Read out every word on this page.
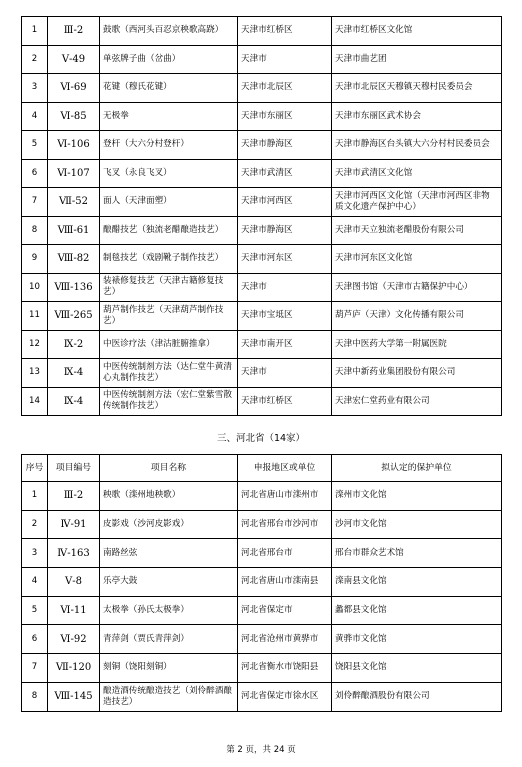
1	Ⅲ-2	鼓歌（西河头百忍京秧歌高跷）	天津市红桥区	天津市红桥区文化馆
2	Ⅴ-49	单弦牌子曲（岔曲）	天津市	天津市曲艺团
3	Ⅵ-69	花键（穆氏花键）	天津市北辰区	天津市北辰区天穆镇天穆村民委员会
4	Ⅵ-85	无极拳	天津市东丽区	天津市东丽区武术协会
5	Ⅵ-106	登杆（大六分村登杆）	天津市静海区	天津市静海区台头镇大六分村村民委员会
6	Ⅵ-107	飞叉（永良飞叉）	天津市武清区	天津市武清区文化馆
7	Ⅶ-52	面人（天津面塑）	天津市河西区	天津市河西区文化馆（天津市河西区非物质文化遗产保护中心）
8	Ⅷ-61	酿醋技艺（独流老醋酿造技艺）	天津市静海区	天津市天立独流老醋股份有限公司
9	Ⅷ-82	制毯技艺（戏剧靴子制作技艺）	天津市河东区	天津市河东区文化馆
10	Ⅷ-136	装裱修复技艺（天津古籍修复技艺）	天津市	天津图书馆（天津市古籍保护中心）
11	Ⅷ-265	葫芦制作技艺（天津葫芦制作技艺）	天津市宝坻区	葫芦庐（天津）文化传播有限公司
12	Ⅸ-2	中医诊疗法（津沽脏腑推拿）	天津市南开区	天津中医药大学第一附属医院
13	Ⅸ-4	中医传统制剂方法（达仁堂牛黄清心丸制作技艺）	天津市	天津中新药业集团股份有限公司
14	Ⅸ-4	中医传统制剂方法（宏仁堂紫雪散传统制作技艺）	天津市红桥区	天津宏仁堂药业有限公司
三、河北省（14家）
序号	项目编号	项目名称	申报地区或单位	拟认定的保护单位
1	Ⅲ-2	秧歌（滦州地秧歌）	河北省唐山市滦州市	滦州市文化馆
2	Ⅳ-91	皮影戏（沙河皮影戏）	河北省邢台市沙河市	沙河市文化馆
3	Ⅳ-163	南路丝弦	河北省邢台市	邢台市群众艺术馆
4	Ⅴ-8	乐亭大鼓	河北省唐山市滦南县	滦南县文化馆
5	Ⅵ-11	太极拳（孙氏太极拳）	河北省保定市	蠡都县文化馆
6	Ⅵ-92	青萍剑（贾氏青萍剑）	河北省沧州市黄骅市	黄骅市文化馆
7	Ⅶ-120	刻铜（饶阳刻铜）	河北省衡水市饶阳县	饶阳县文化馆
8	Ⅷ-145	酿造酒传统酿造技艺（刘伶醉酒酿造技艺）	河北省保定市徐水区	刘伶醉酿酒股份有限公司
第 2 页，共 24 页
